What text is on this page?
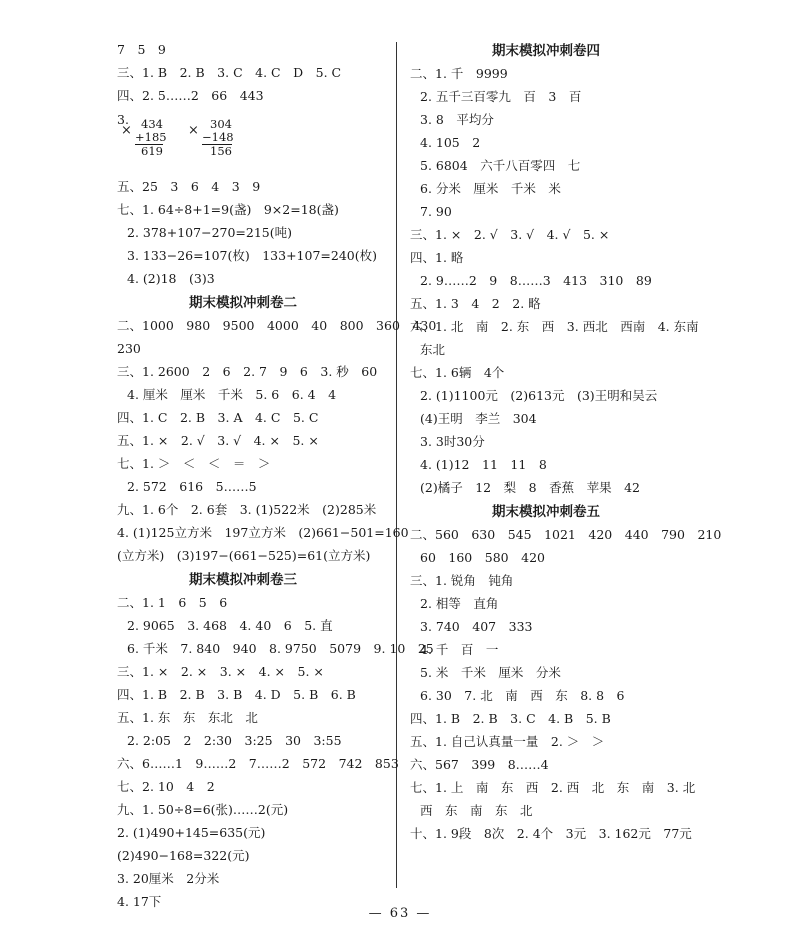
7　5　9
三、1. B　2. B　3. C　4. C　D　5. C
四、2. 5……2　66　443
3.	434
+185
619
×	304
−148
156
×
五、25　3　6　4　3　9
七、1. 64÷8+1=9(盏)　9×2=18(盏)
2. 378+107−270=215(吨)
3. 133−26=107(枚)　133+107=240(枚)
4. (2)18　(3)3
期末模拟冲刺卷二
二、1000　980　9500　4000　40　800　360　430
230
三、1. 2600　2　6　2. 7　9　6　3. 秒　60
4. 厘米　厘米　千米　5. 6　6. 4　4
四、1. C　2. B　3. A　4. C　5. C
五、1. ×　2. √　3. √　4. ×　5. ×
七、1. ＞　＜　＜　＝　＞
2. 572　616　5……5
九、1. 6个　2. 6套　3. (1)522米　(2)285米
4. (1)125立方米　197立方米　(2)661−501=160
(立方米)　(3)197−(661−525)=61(立方米)
期末模拟冲刺卷三
二、1. 1　6　5　6
2. 9065　3. 468　4. 40　6　5. 直
6. 千米　7. 840　940　8. 9750　5079　9. 10　25
三、1. ×　2. ×　3. ×　4. ×　5. ×
四、1. B　2. B　3. B　4. D　5. B　6. B
五、1. 东　东　东北　北
2. 2:05　2　2:30　3:25　30　3:55
六、6……1　9……2　7……2　572　742　853
七、2. 10　4　2
九、1. 50÷8=6(张)……2(元)
2. (1)490+145=635(元)
(2)490−168=322(元)
3. 20厘米　2分米
4. 17下
期末模拟冲刺卷四
二、1. 千　9999
2. 五千三百零九　百　3　百
3. 8　平均分
4. 105　2
5. 6804　六千八百零四　七
6. 分米　厘米　千米　米
7. 90
三、1. ×　2. √　3. √　4. √　5. ×
四、1. 略
2. 9……2　9　8……3　413　310　89
五、1. 3　4　2　2. 略
六、1. 北　南　2. 东　西　3. 西北　西南　4. 东南
东北
七、1. 6辆　4个
2. (1)1100元　(2)613元　(3)王明和吴云
(4)王明　李兰　304
3. 3时30分
4. (1)12　11　11　8
(2)橘子　12　梨　8　香蕉　苹果　42
期末模拟冲刺卷五
二、560　630　545　1021　420　440　790　210
60　160　580　420
三、1. 锐角　钝角
2. 相等　直角
3. 740　407　333
4. 千　百　一
5. 米　千米　厘米　分米
6. 30　7. 北　南　西　东　8. 8　6
四、1. B　2. B　3. C　4. B　5. B
五、1. 自己认真量一量　2. ＞　＞
六、567　399　8……4
七、1. 上　南　东　西　2. 西　北　东　南　3. 北
西　东　南　东　北
十、1. 9段　8次　2. 4个　3元　3. 162元　77元
— 63 —
